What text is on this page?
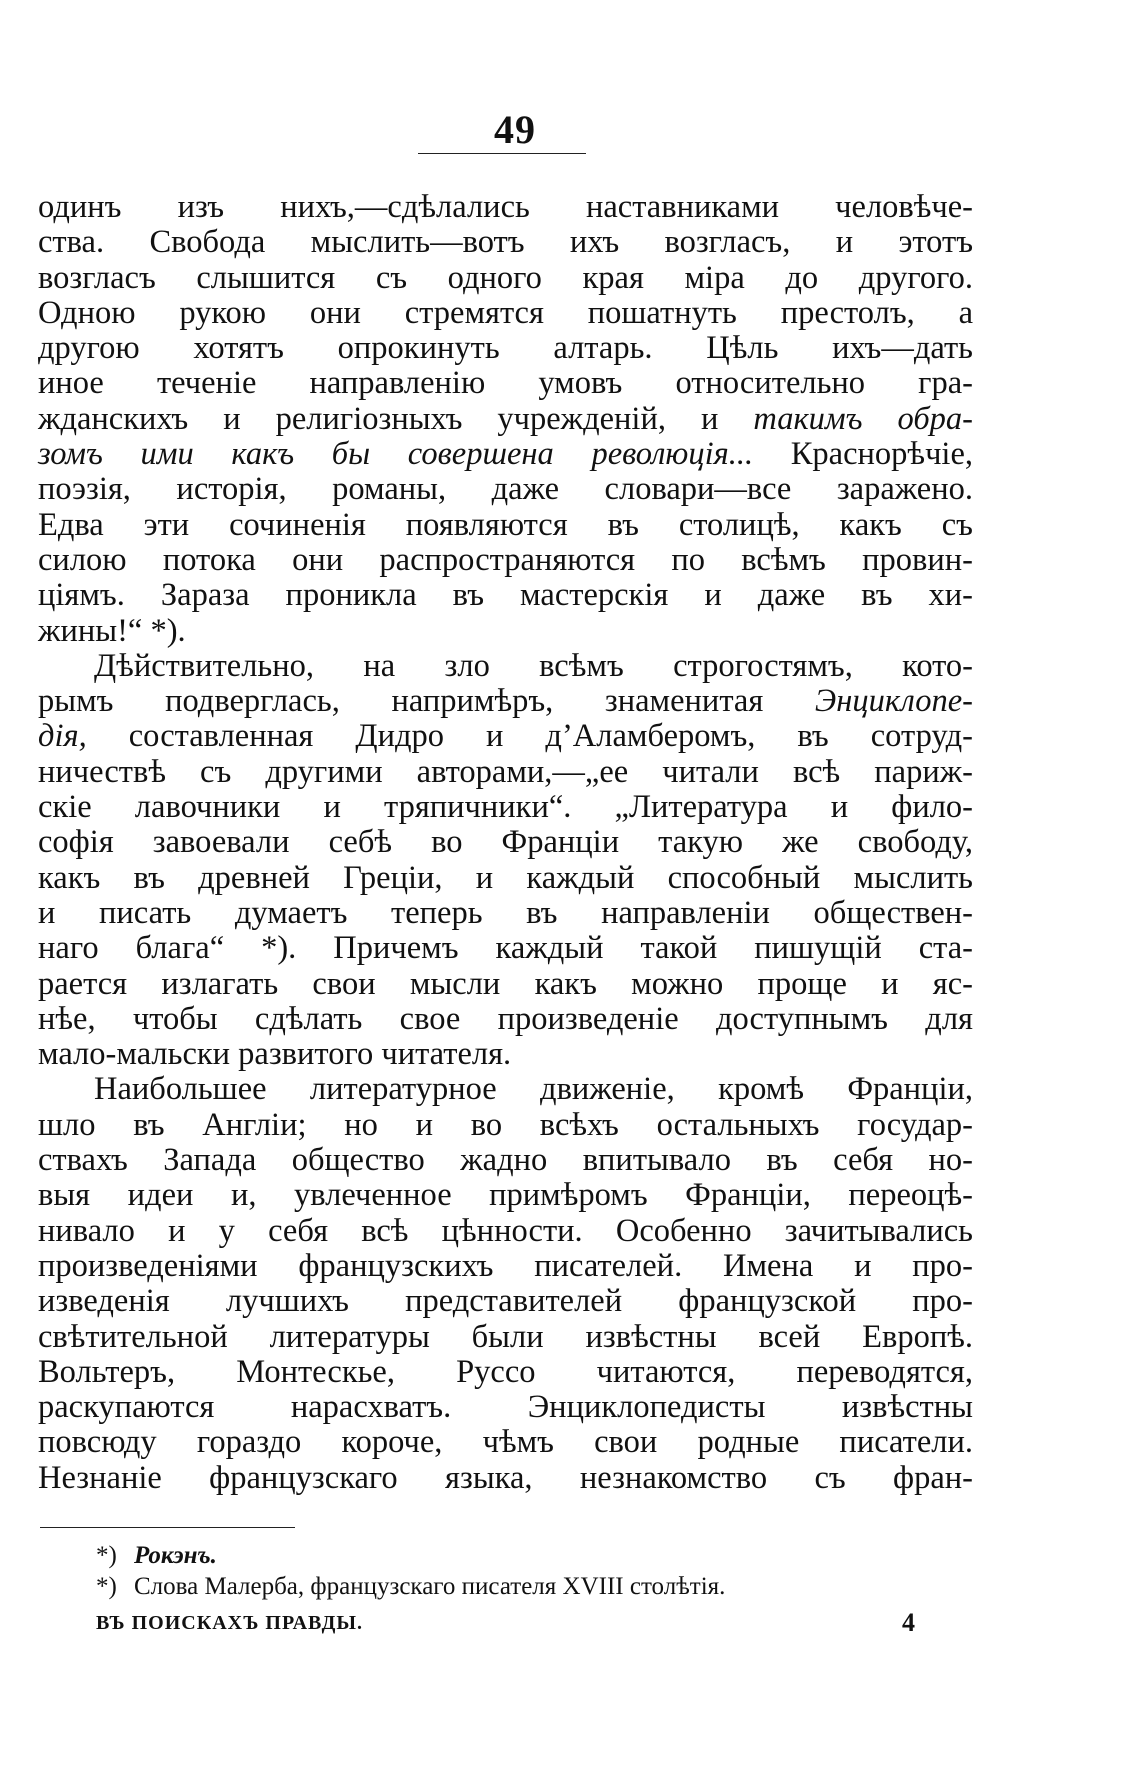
49
одинъ изъ нихъ,—сдѣлались наставниками человѣче-
ства. Свобода мыслить—вотъ ихъ возгласъ, и этотъ
возгласъ слышится съ одного края міра до другого.
Одною рукою они стремятся пошатнуть престолъ, а
другою хотятъ опрокинуть алтарь. Цѣль ихъ—дать
иное теченіе направленію умовъ относительно гра-
жданскихъ и религіозныхъ учрежденій, и такимъ обра-
зомъ ими какъ бы совершена революція... Краснорѣчіе,
поэзія, исторія, романы, даже словари—все заражено.
Едва эти сочиненія появляются въ столицѣ, какъ съ
силою потока они распространяются по всѣмъ провин-
ціямъ. Зараза проникла въ мастерскія и даже въ хи-
жины!“ *).
Дѣйствительно, на зло всѣмъ строгостямъ, кото-
рымъ подверглась, напримѣръ, знаменитая Энциклопе-
дія, составленная Дидро и д’Аламберомъ, въ сотруд-
ничествѣ съ другими авторами,—„ее читали всѣ париж-
скіе лавочники и тряпичники“. „Литература и фило-
софія завоевали себѣ во Франціи такую же свободу,
какъ въ древней Греціи, и каждый способный мыслить
и писать думаетъ теперь въ направленіи обществен-
наго блага“ *). Причемъ каждый такой пишущій ста-
рается излагать свои мысли какъ можно проще и яс-
нѣе, чтобы сдѣлать свое произведеніе доступнымъ для
мало-мальски развитого читателя.
Наибольшее литературное движеніе, кромѣ Франціи,
шло въ Англіи; но и во всѣхъ остальныхъ государ-
ствахъ Запада общество жадно впитывало въ себя но-
выя идеи и, увлеченное примѣромъ Франціи, переоцѣ-
нивало и у себя всѣ цѣнности. Особенно зачитывались
произведеніями французскихъ писателей. Имена и про-
изведенія лучшихъ представителей французской про-
свѣтительной литературы были извѣстны всей Европѣ.
Вольтеръ, Монтескье, Руссо читаются, переводятся,
раскупаются нарасхватъ. Энциклопедисты извѣстны
повсюду гораздо короче, чѣмъ свои родные писатели.
Незнаніе французскаго языка, незнакомство съ фран-
*) Рокэнъ.
*) Слова Малерба, французскаго писателя XVIII столѣтія.
ВЪ ПОИСКАХЪ ПРАВДЫ.	4
